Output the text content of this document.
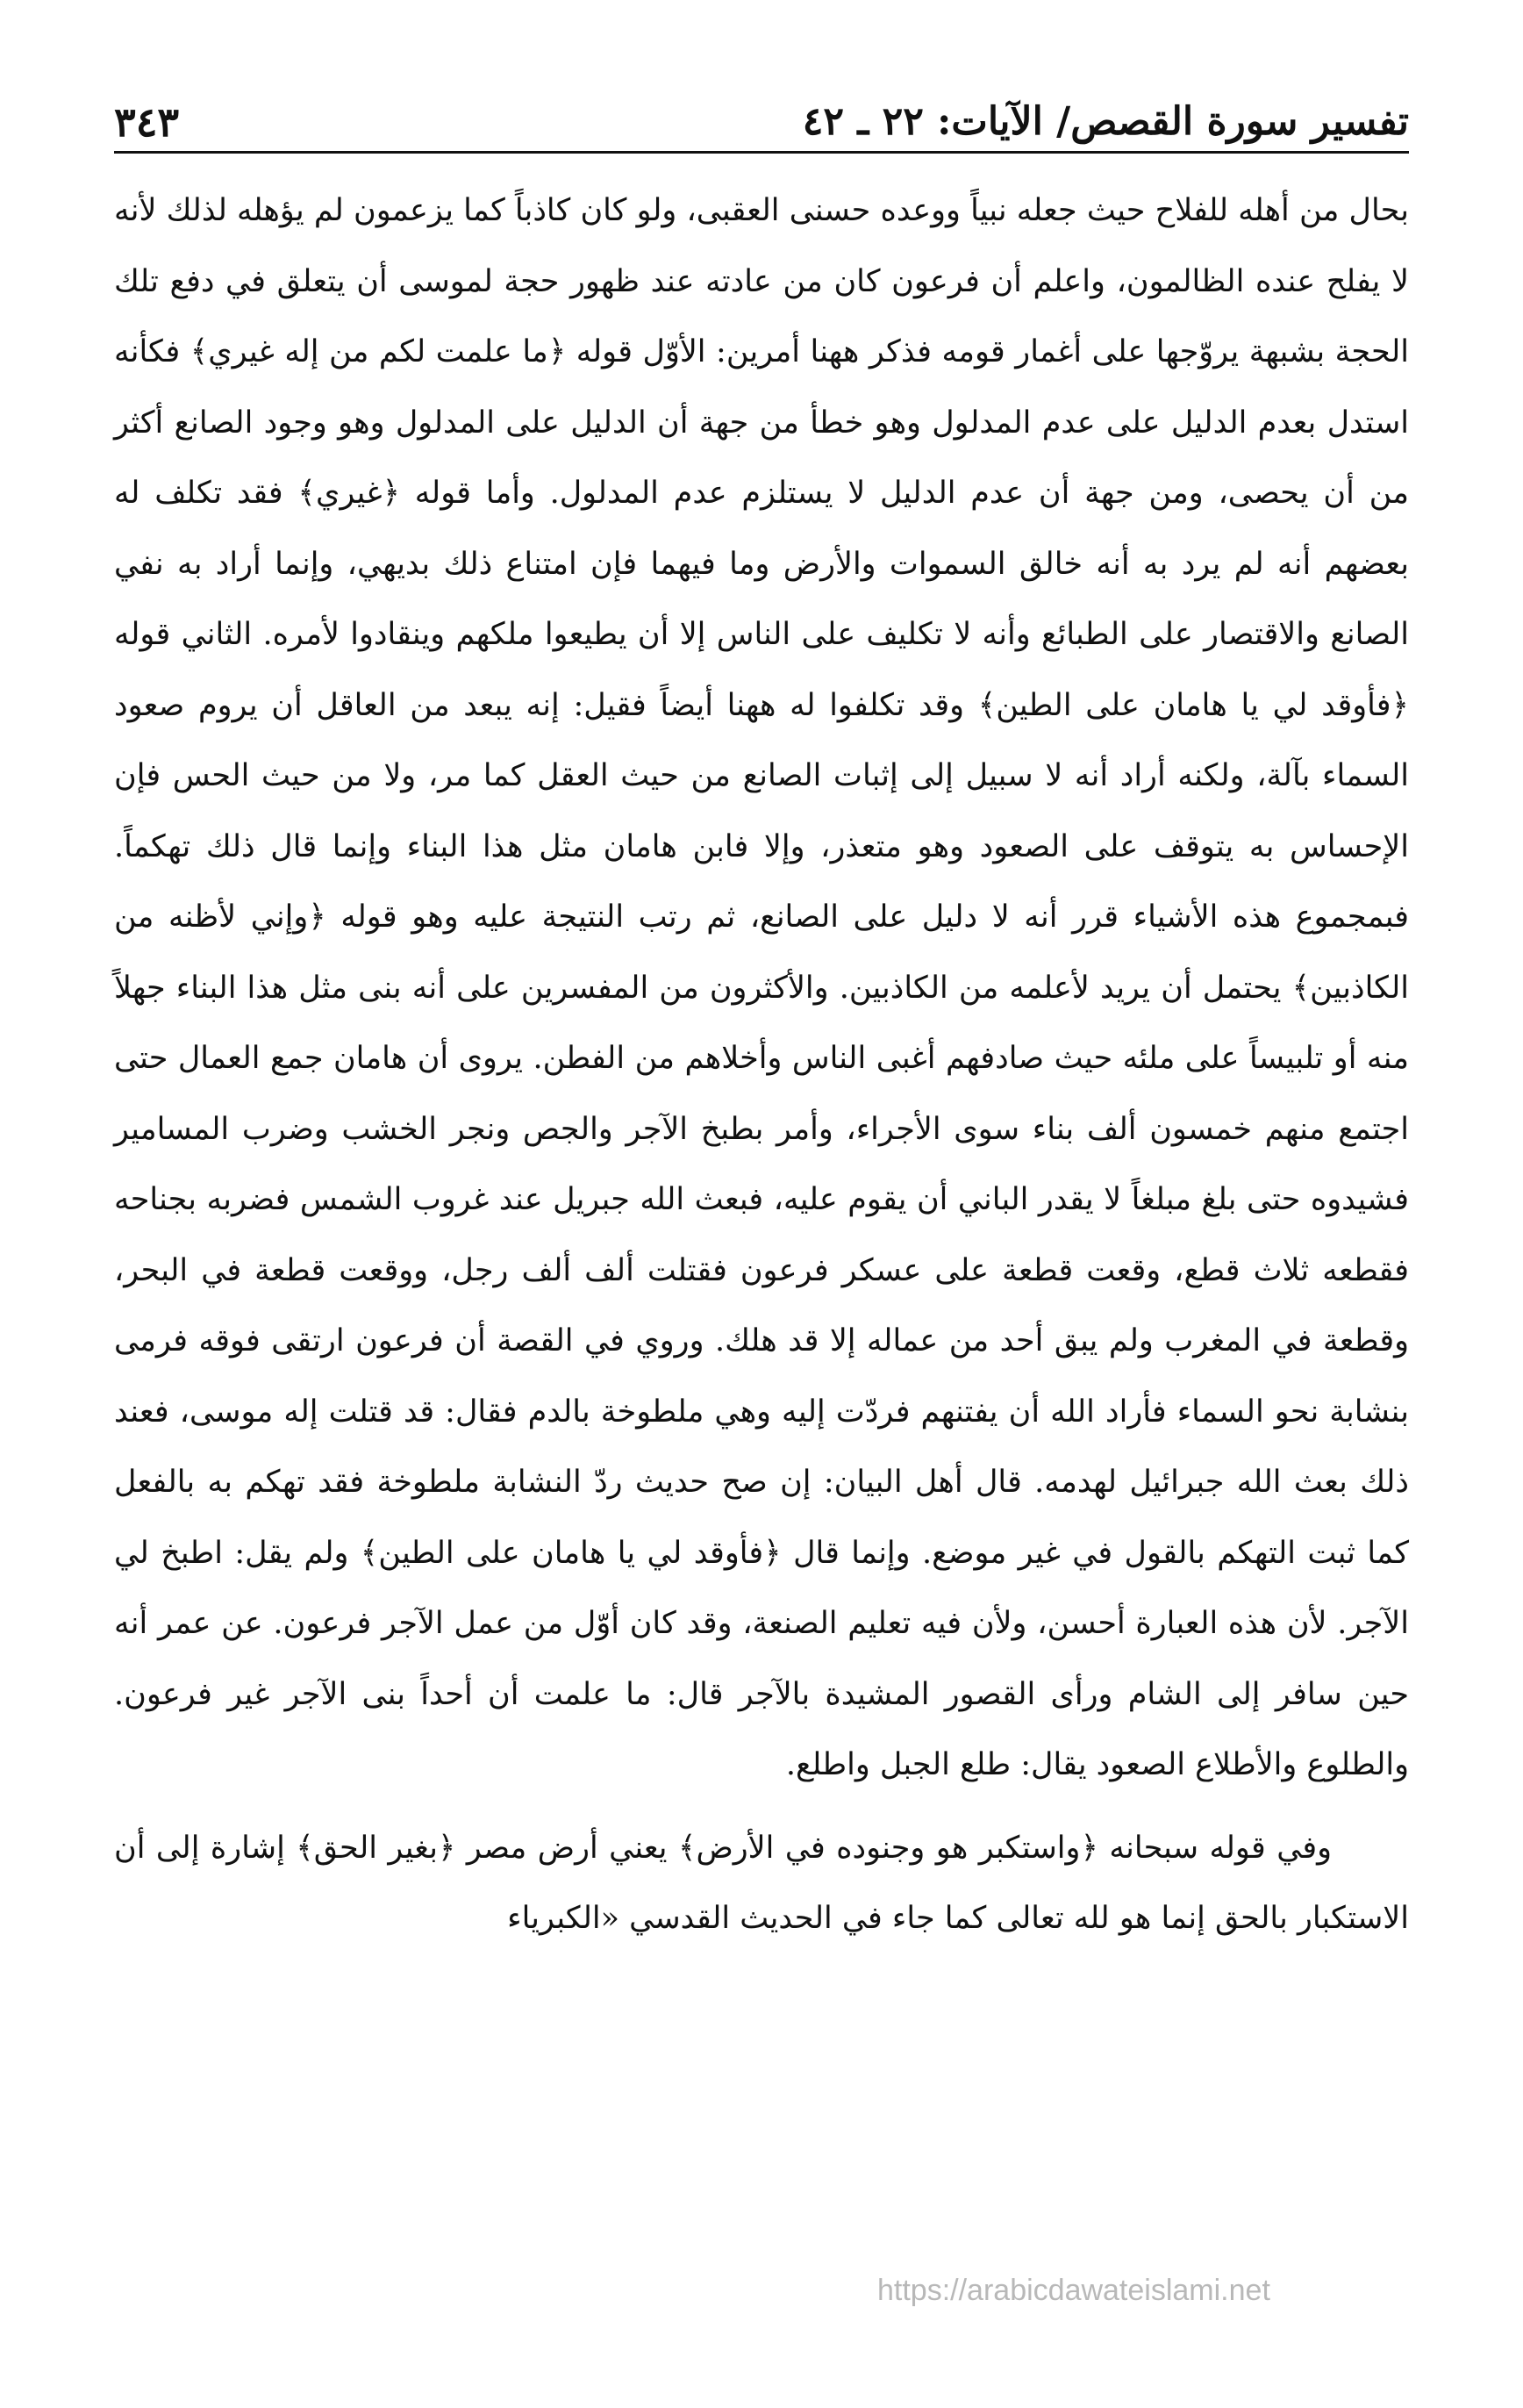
تفسير سورة القصص/ الآيات: ٢٢ ـ ٤٢
٣٤٣

بحال من أهله للفلاح حيث جعله نبياً ووعده حسنى العقبى، ولو كان كاذباً كما يزعمون لم يؤهله لذلك لأنه لا يفلح عنده الظالمون، واعلم أن فرعون كان من عادته عند ظهور حجة لموسى أن يتعلق في دفع تلك الحجة بشبهة يروّجها على أغمار قومه فذكر ههنا أمرين: الأوّل قوله ﴿ما علمت لكم من إله غيري﴾ فكأنه استدل بعدم الدليل على عدم المدلول وهو خطأ من جهة أن الدليل على المدلول وهو وجود الصانع أكثر من أن يحصى، ومن جهة أن عدم الدليل لا يستلزم عدم المدلول. وأما قوله ﴿غيري﴾ فقد تكلف له بعضهم أنه لم يرد به أنه خالق السموات والأرض وما فيهما فإن امتناع ذلك بديهي، وإنما أراد به نفي الصانع والاقتصار على الطبائع وأنه لا تكليف على الناس إلا أن يطيعوا ملكهم وينقادوا لأمره. الثاني قوله ﴿فأوقد لي يا هامان على الطين﴾ وقد تكلفوا له ههنا أيضاً فقيل: إنه يبعد من العاقل أن يروم صعود السماء بآلة، ولكنه أراد أنه لا سبيل إلى إثبات الصانع من حيث العقل كما مر، ولا من حيث الحس فإن الإحساس به يتوقف على الصعود وهو متعذر، وإلا فابن هامان مثل هذا البناء وإنما قال ذلك تهكماً. فبمجموع هذه الأشياء قرر أنه لا دليل على الصانع، ثم رتب النتيجة عليه وهو قوله ﴿وإني لأظنه من الكاذبين﴾ يحتمل أن يريد لأعلمه من الكاذبين. والأكثرون من المفسرين على أنه بنى مثل هذا البناء جهلاً منه أو تلبيساً على ملئه حيث صادفهم أغبى الناس وأخلاهم من الفطن. يروى أن هامان جمع العمال حتى اجتمع منهم خمسون ألف بناء سوى الأجراء، وأمر بطبخ الآجر والجص ونجر الخشب وضرب المسامير فشيدوه حتى بلغ مبلغاً لا يقدر الباني أن يقوم عليه، فبعث الله جبريل عند غروب الشمس فضربه بجناحه فقطعه ثلاث قطع، وقعت قطعة على عسكر فرعون فقتلت ألف ألف رجل، ووقعت قطعة في البحر، وقطعة في المغرب ولم يبق أحد من عماله إلا قد هلك. وروي في القصة أن فرعون ارتقى فوقه فرمى بنشابة نحو السماء فأراد الله أن يفتنهم فردّت إليه وهي ملطوخة بالدم فقال: قد قتلت إله موسى، فعند ذلك بعث الله جبرائيل لهدمه. قال أهل البيان: إن صح حديث ردّ النشابة ملطوخة فقد تهكم به بالفعل كما ثبت التهكم بالقول في غير موضع. وإنما قال ﴿فأوقد لي يا هامان على الطين﴾ ولم يقل: اطبخ لي الآجر. لأن هذه العبارة أحسن، ولأن فيه تعليم الصنعة، وقد كان أوّل من عمل الآجر فرعون. عن عمر أنه حين سافر إلى الشام ورأى القصور المشيدة بالآجر قال: ما علمت أن أحداً بنى الآجر غير فرعون. والطلوع والأطلاع الصعود يقال: طلع الجبل واطلع.

وفي قوله سبحانه ﴿واستكبر هو وجنوده في الأرض﴾ يعني أرض مصر ﴿بغير الحق﴾ إشارة إلى أن الاستكبار بالحق إنما هو لله تعالى كما جاء في الحديث القدسي «الكبرياء

https://arabicdawateislami.net
